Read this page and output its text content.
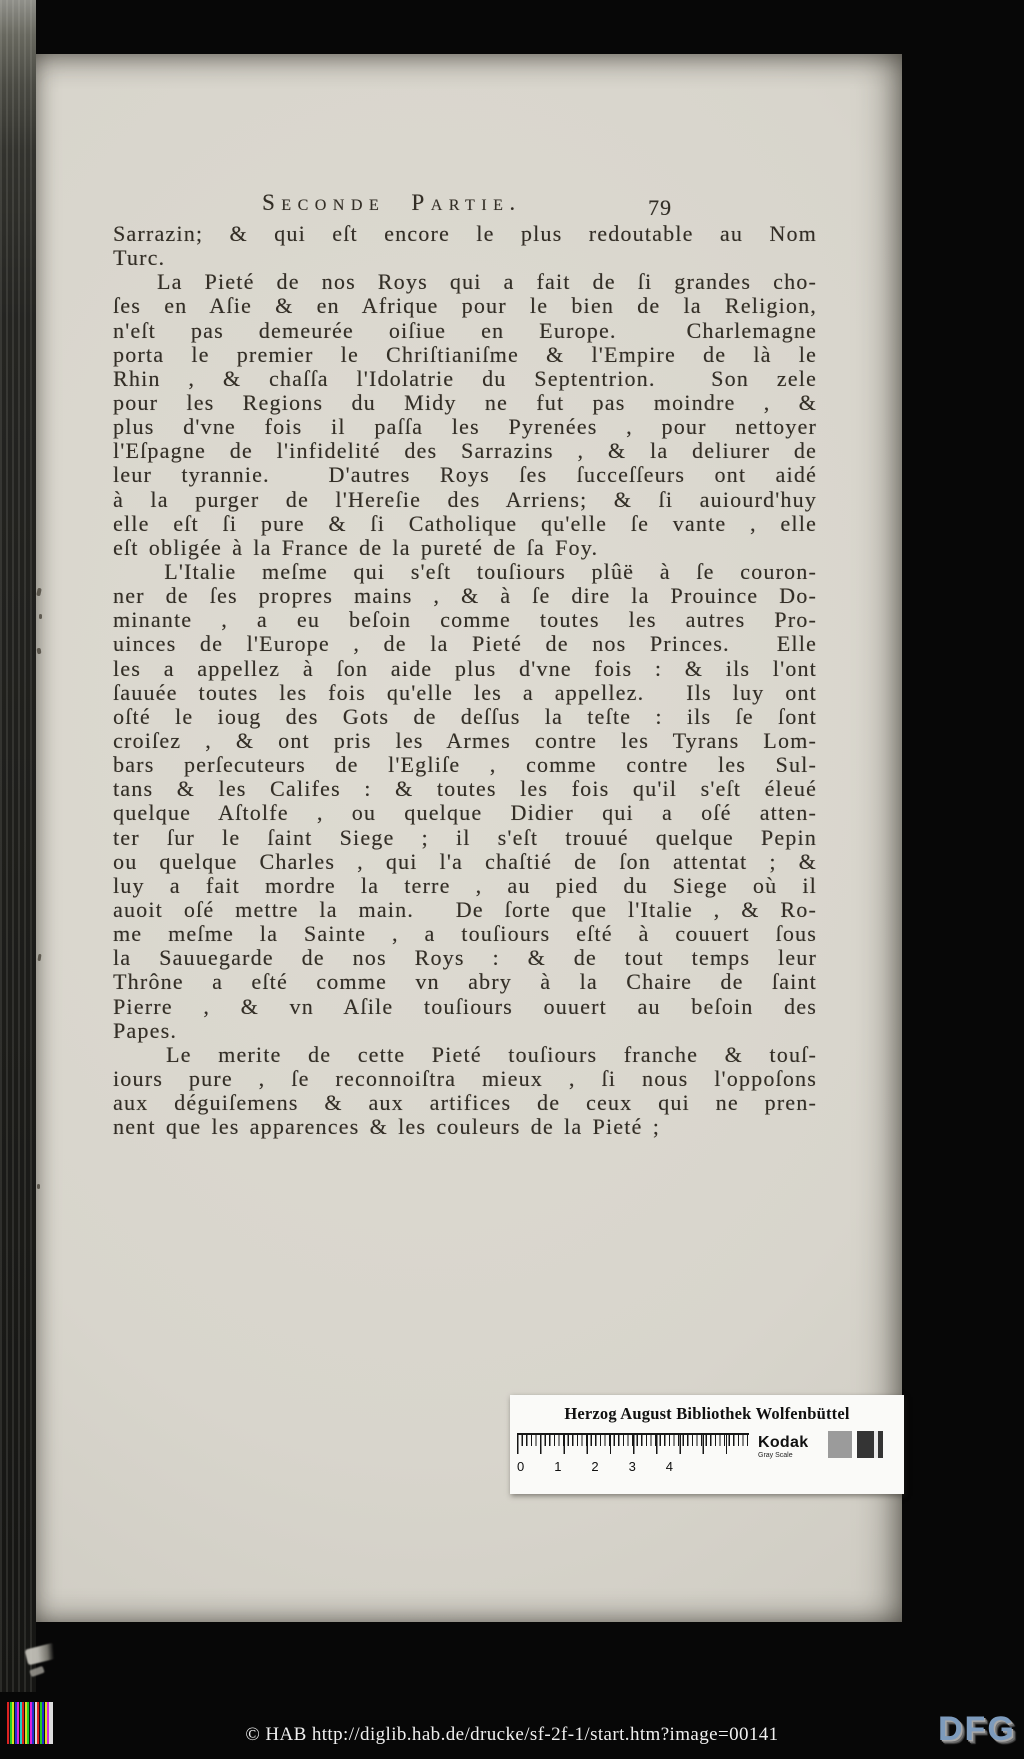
Seconde Partie.	79
Sarrazin; & qui eſt encore le plus redoutable au Nom
Turc.
La Pieté de nos Roys qui a fait de ſi grandes cho-
ſes en Aſie & en Afrique pour le bien de la Religion,
n'eſt pas demeurée oiſiue en Europe.  Charlemagne
porta le premier le Chriſtianiſme & l'Empire de là le
Rhin , & chaſſa l'Idolatrie du Septentrion.  Son zele
pour les Regions du Midy ne fut pas moindre , &
plus d'vne fois il paſſa les Pyrenées , pour nettoyer
l'Eſpagne de l'infidelité des Sarrazins , & la deliurer de
leur tyrannie.  D'autres Roys ſes ſucceſſeurs ont aidé
à la purger de l'Hereſie des Arriens; & ſi auiourd'huy
elle eſt ſi pure & ſi Catholique qu'elle ſe vante , elle
eſt obligée à la France de la pureté de ſa Foy.
L'Italie meſme qui s'eſt touſiours plûë à ſe couron-
ner de ſes propres mains , & à ſe dire la Prouince Do-
minante , a eu beſoin comme toutes les autres Pro-
uinces de l'Europe , de la Pieté de nos Princes.  Elle
les a appellez à ſon aide plus d'vne fois : & ils l'ont
ſauuée toutes les fois qu'elle les a appellez.  Ils luy ont
oſté le ioug des Gots de deſſus la teſte : ils ſe ſont
croiſez , & ont pris les Armes contre les Tyrans Lom-
bars perſecuteurs de l'Egliſe , comme contre les Sul-
tans & les Califes : & toutes les fois qu'il s'eſt éleué
quelque Aſtolfe , ou quelque Didier qui a oſé atten-
ter ſur le ſaint Siege ; il s'eſt trouué quelque Pepin
ou quelque Charles , qui l'a chaſtié de ſon attentat ; &
luy a fait mordre la terre , au pied du Siege où il
auoit oſé mettre la main.  De ſorte que l'Italie , & Ro-
me meſme la Sainte , a touſiours eſté à couuert ſous
la Sauuegarde de nos Roys : & de tout temps leur
Thrône a eſté comme vn abry à la Chaire de ſaint
Pierre , & vn Aſile touſiours ouuert au beſoin des
Papes.
Le merite de cette Pieté touſiours franche & touſ-
iours pure , ſe reconnoiſtra mieux , ſi nous l'oppoſons
aux déguiſemens & aux artifices de ceux qui ne pren-
nent que les apparences & les couleurs de la Pieté ;
Herzog August Bibliothek Wolfenbüttel
0 1 2 3 4
Kodak
Gray Scale
© HAB http://diglib.hab.de/drucke/sf-2f-1/start.htm?image=00141	DFG
